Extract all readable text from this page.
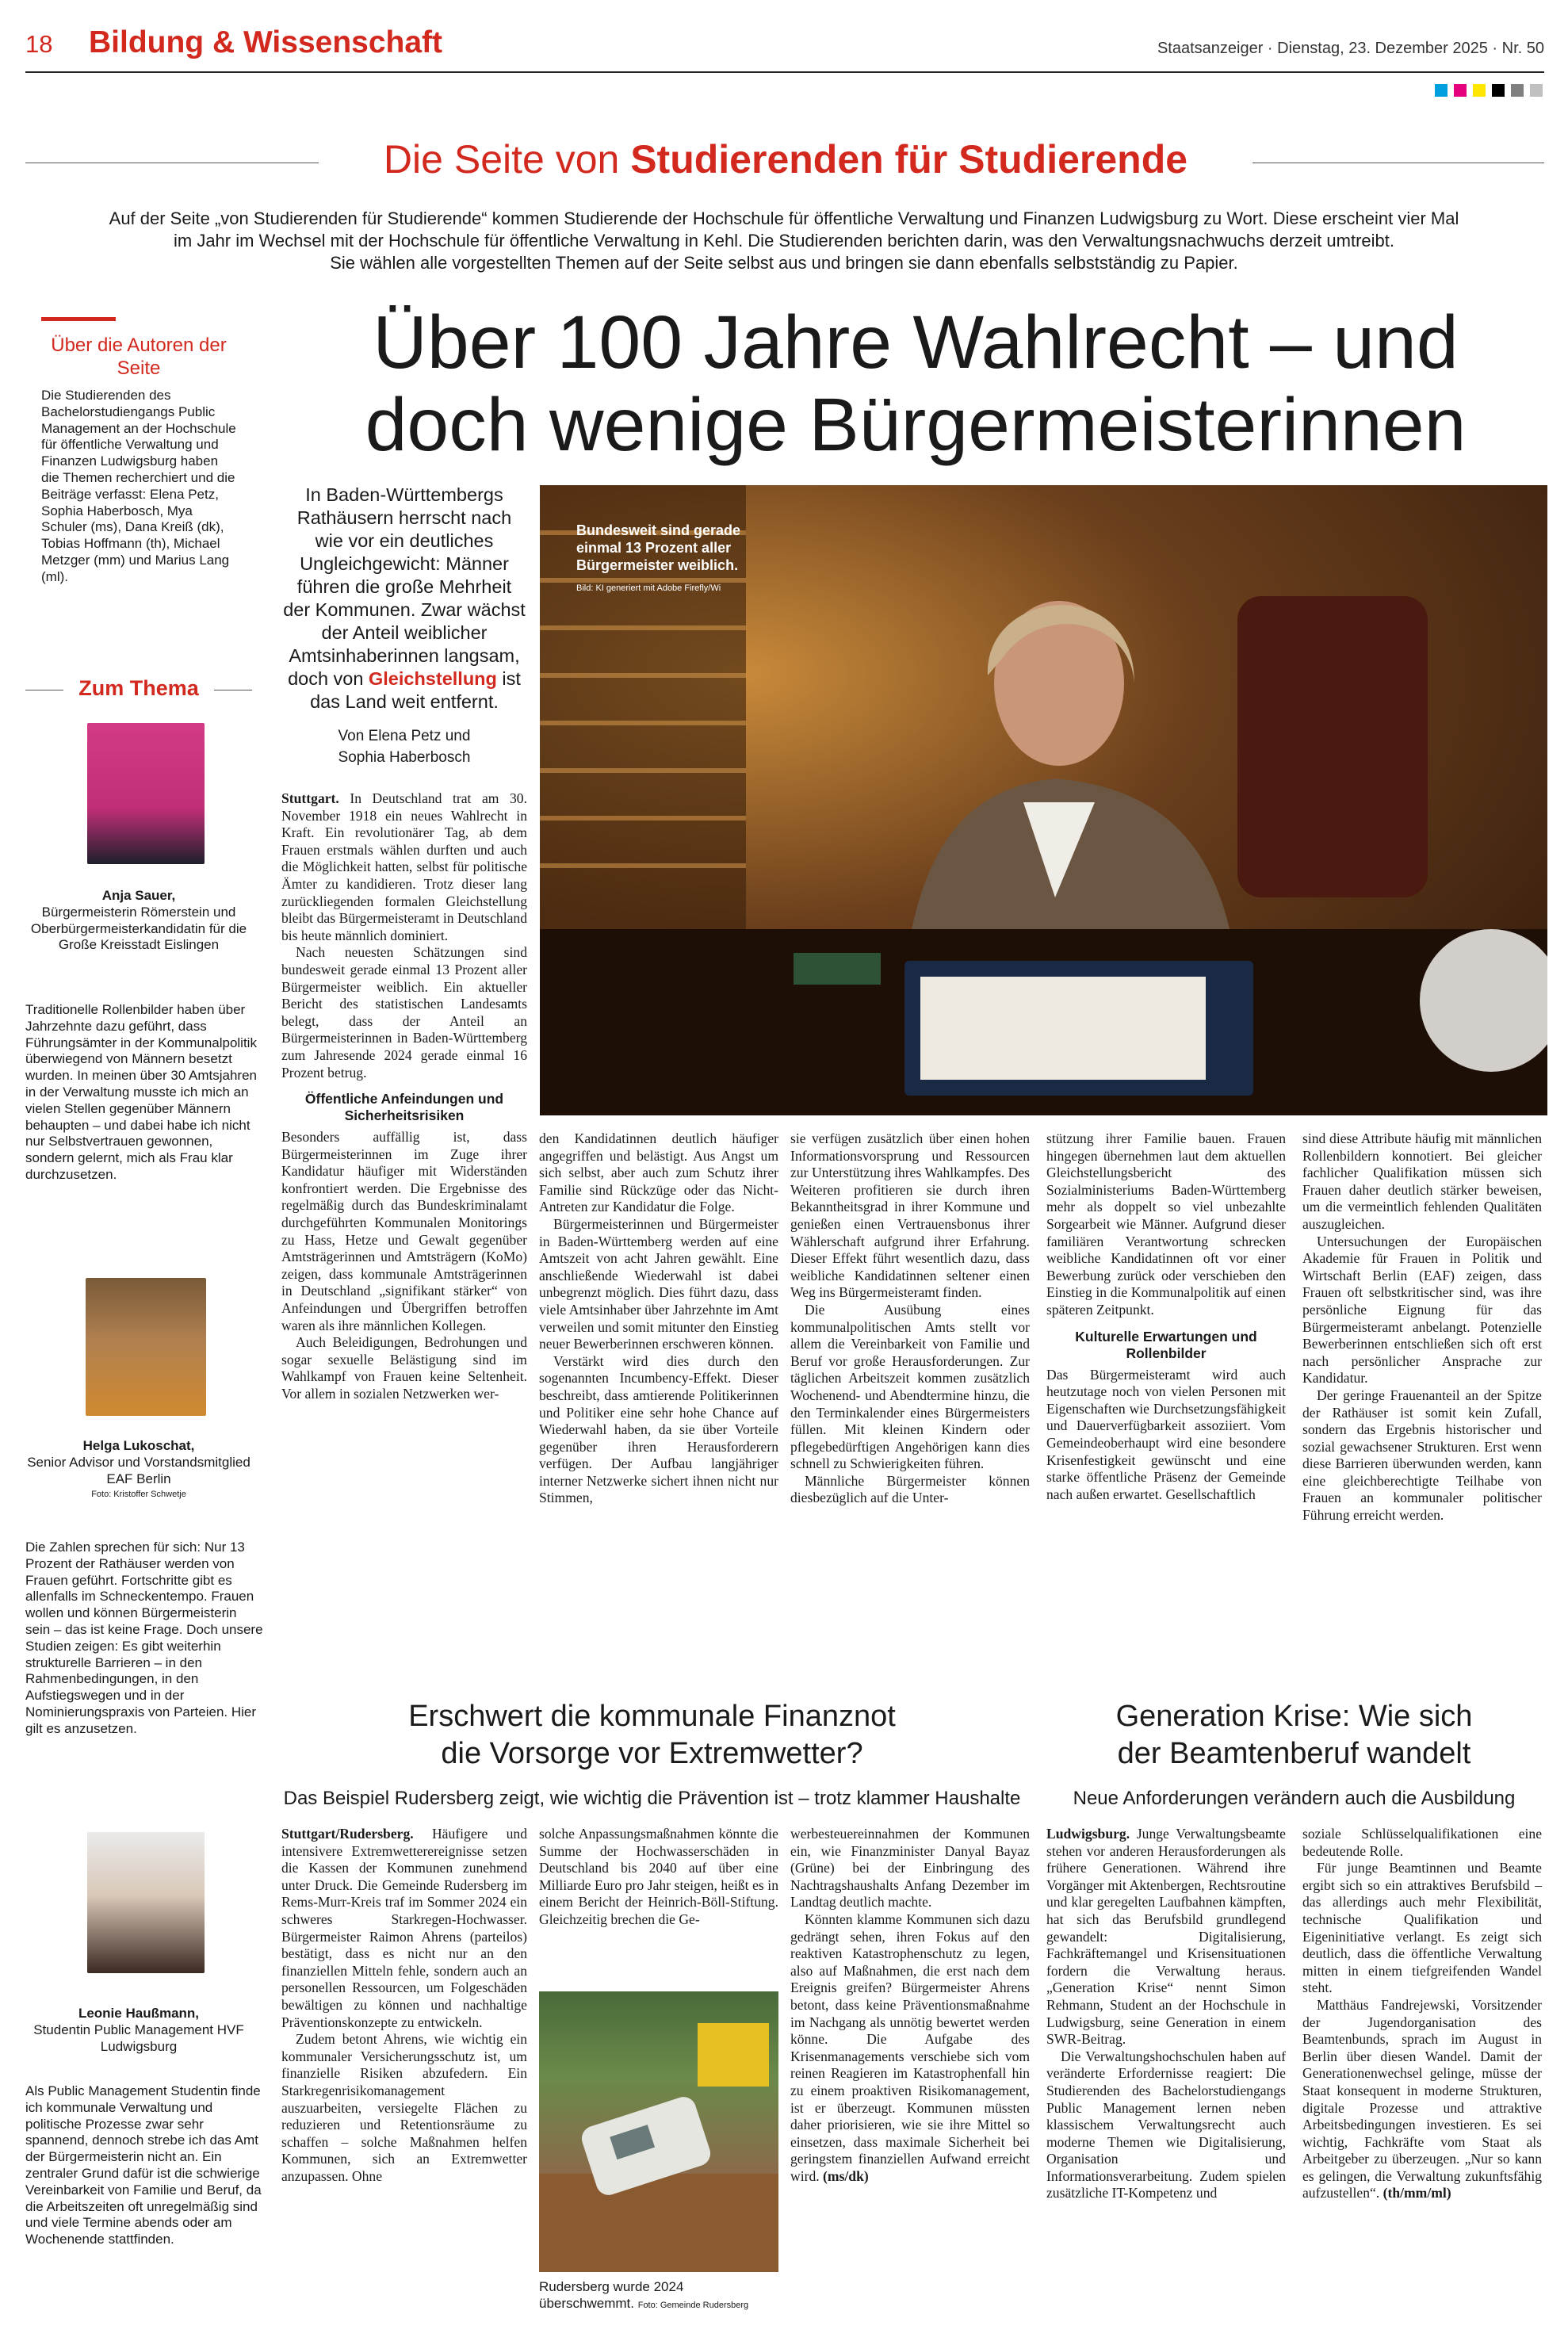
18 Bildung & Wissenschaft	Staatsanzeiger · Dienstag, 23. Dezember 2025 · Nr. 50
Die Seite von Studierenden für Studierende
Auf der Seite „von Studierenden für Studierende“ kommen Studierende der Hochschule für öffentliche Verwaltung und Finanzen Ludwigsburg zu Wort. Diese erscheint vier Mal
im Jahr im Wechsel mit der Hochschule für öffentliche Verwaltung in Kehl. Die Studierenden berichten darin, was den Verwaltungsnachwuchs derzeit umtreibt.
Sie wählen alle vorgestellten Themen auf der Seite selbst aus und bringen sie dann ebenfalls selbstständig zu Papier.
Über die Autoren der Seite
Die Studierenden des Bachelorstudiengangs Public Management an der Hochschule für öffentliche Verwaltung und Finanzen Ludwigsburg haben die Themen recherchiert und die Beiträge verfasst: Elena Petz, Sophia Haberbosch, Mya Schuler (ms), Dana Kreiß (dk), Tobias Hoffmann (th), Michael Metzger (mm) und Marius Lang (ml).
Zum Thema
Anja Sauer,
Bürgermeisterin Römerstein und Oberbürgermeisterkandidatin für die Große Kreisstadt Eislingen
Traditionelle Rollenbilder haben über Jahrzehnte dazu geführt, dass Führungsämter in der Kommunalpolitik überwiegend von Männern besetzt wurden. In meinen über 30 Amtsjahren in der Verwaltung musste ich mich an vielen Stellen gegenüber Männern behaupten – und dabei habe ich nicht nur Selbstvertrauen gewonnen, sondern gelernt, mich als Frau klar durchzusetzen.
Helga Lukoschat,
Senior Advisor und Vorstandsmitglied EAF Berlin
Foto: Kristoffer Schwetje
Die Zahlen sprechen für sich: Nur 13 Prozent der Rathäuser werden von Frauen geführt. Fortschritte gibt es allenfalls im Schneckentempo. Frauen wollen und können Bürgermeisterin sein – das ist keine Frage. Doch unsere Studien zeigen: Es gibt weiterhin strukturelle Barrieren – in den Rahmenbedingungen, in den Aufstiegswegen und in der Nominierungspraxis von Parteien. Hier gilt es anzusetzen.
Leonie Haußmann,
Studentin Public Management HVF Ludwigsburg
Als Public Management Studentin finde ich kommunale Verwaltung und politische Prozesse zwar sehr spannend, dennoch strebe ich das Amt der Bürgermeisterin nicht an. Ein zentraler Grund dafür ist die schwierige Vereinbarkeit von Familie und Beruf, da die Arbeitszeiten oft unregelmäßig sind und viele Termine abends oder am Wochenende stattfinden.
Über 100 Jahre Wahlrecht – und
doch wenige Bürgermeisterinnen
In Baden-Württembergs Rathäusern herrscht nach wie vor ein deutliches Ungleichgewicht: Männer führen die große Mehrheit der Kommunen. Zwar wächst der Anteil weiblicher Amtsinhaberinnen langsam, doch von Gleichstellung ist das Land weit entfernt.
Von Elena Petz und Sophia Haberbosch
Bundesweit sind gerade einmal 13 Prozent aller Bürgermeister weiblich.
Bild: KI generiert mit Adobe Firefly/Wi

Stuttgart. In Deutschland trat am 30. November 1918 ein neues Wahlrecht in Kraft. Ein revolutionärer Tag, ab dem Frauen erstmals wählen durften und auch die Möglichkeit hatten, selbst für politische Ämter zu kandidieren. Trotz dieser lang zurückliegenden formalen Gleichstellung bleibt das Bürgermeisteramt in Deutschland bis heute männlich dominiert.

Nach neuesten Schätzungen sind bundesweit gerade einmal 13 Prozent aller Bürgermeister weiblich. Ein aktueller Bericht des statistischen Landesamts belegt, dass der Anteil an Bürgermeisterinnen in Baden-Württemberg zum Jahresende 2024 gerade einmal 16 Prozent betrug.

Öffentliche Anfeindungen und Sicherheitsrisiken

Besonders auffällig ist, dass Bürgermeisterinnen im Zuge ihrer Kandidatur häufiger mit Widerständen konfrontiert werden. Die Ergebnisse des regelmäßig durch das Bundeskriminalamt durchgeführten Kommunalen Monitorings zu Hass, Hetze und Gewalt gegenüber Amtsträgerinnen und Amtsträgern (KoMo) zeigen, dass kommunale Amtsträgerinnen in Deutschland „signifikant stärker“ von Anfeindungen und Übergriffen betroffen waren als ihre männlichen Kollegen.

Auch Beleidigungen, Bedrohungen und sogar sexuelle Belästigung sind im Wahlkampf von Frauen keine Seltenheit. Vor allem in sozialen Netzwerken wer-

den Kandidatinnen deutlich häufiger angegriffen und belästigt. Aus Angst um sich selbst, aber auch zum Schutz ihrer Familie sind Rückzüge oder das Nicht-Antreten zur Kandidatur die Folge.

Bürgermeisterinnen und Bürgermeister in Baden-Württemberg werden auf eine Amtszeit von acht Jahren gewählt. Eine anschließende Wiederwahl ist dabei unbegrenzt möglich. Dies führt dazu, dass viele Amtsinhaber über Jahrzehnte im Amt verweilen und somit mitunter den Einstieg neuer Bewerberinnen erschweren können.

Verstärkt wird dies durch den sogenannten Incumbency-Effekt. Dieser beschreibt, dass amtierende Politikerinnen und Politiker eine sehr hohe Chance auf Wiederwahl haben, da sie über Vorteile gegenüber ihren Herausforderern verfügen. Der Aufbau langjähriger interner Netzwerke sichert ihnen nicht nur Stimmen,

sie verfügen zusätzlich über einen hohen Informationsvorsprung und Ressourcen zur Unterstützung ihres Wahlkampfes. Des Weiteren profitieren sie durch ihren Bekanntheitsgrad in ihrer Kommune und genießen einen Vertrauensbonus ihrer Wählerschaft aufgrund ihrer Erfahrung. Dieser Effekt führt wesentlich dazu, dass weibliche Kandidatinnen seltener einen Weg ins Bürgermeisteramt finden.

Die Ausübung eines kommunalpolitischen Amts stellt vor allem die Vereinbarkeit von Familie und Beruf vor große Herausforderungen. Zur täglichen Arbeitszeit kommen zusätzlich Wochenend- und Abendtermine hinzu, die den Terminkalender eines Bürgermeisters füllen. Mit kleinen Kindern oder pflegebedürftigen Angehörigen kann dies schnell zu Schwierigkeiten führen.

Männliche Bürgermeister können diesbezüglich auf die Unter-

stützung ihrer Familie bauen. Frauen hingegen übernehmen laut dem aktuellen Gleichstellungsbericht des Sozialministeriums Baden-Württemberg mehr als doppelt so viel unbezahlte Sorgearbeit wie Männer. Aufgrund dieser familiären Verantwortung schrecken weibliche Kandidatinnen oft vor einer Bewerbung zurück oder verschieben den Einstieg in die Kommunalpolitik auf einen späteren Zeitpunkt.

Kulturelle Erwartungen und Rollenbilder

Das Bürgermeisteramt wird auch heutzutage noch von vielen Personen mit Eigenschaften wie Durchsetzungsfähigkeit und Dauerverfügbarkeit assoziiert. Vom Gemeindeoberhaupt wird eine besondere Krisenfestigkeit gewünscht und eine starke öffentliche Präsenz der Gemeinde nach außen erwartet. Gesellschaftlich

sind diese Attribute häufig mit männlichen Rollenbildern konnotiert. Bei gleicher fachlicher Qualifikation müssen sich Frauen daher deutlich stärker beweisen, um die vermeintlich fehlenden Qualitäten auszugleichen.

Untersuchungen der Europäischen Akademie für Frauen in Politik und Wirtschaft Berlin (EAF) zeigen, dass Frauen oft selbstkritischer sind, was ihre persönliche Eignung für das Bürgermeisteramt anbelangt. Potenzielle Bewerberinnen entschließen sich oft erst nach persönlicher Ansprache zur Kandidatur.

Der geringe Frauenanteil an der Spitze der Rathäuser ist somit kein Zufall, sondern das Ergebnis historischer und sozial gewachsener Strukturen. Erst wenn diese Barrieren überwunden werden, kann eine gleichberechtigte Teilhabe von Frauen an kommunaler politischer Führung erreicht werden.

Erschwert die kommunale Finanznot
die Vorsorge vor Extremwetter?
Das Beispiel Rudersberg zeigt, wie wichtig die Prävention ist – trotz klammer Haushalte

Stuttgart/Rudersberg. Häufigere und intensivere Extremwetterereignisse setzen die Kassen der Kommunen zunehmend unter Druck. Die Gemeinde Rudersberg im Rems-Murr-Kreis traf im Sommer 2024 ein schweres Starkregen-Hochwasser. Bürgermeister Raimon Ahrens (parteilos) bestätigt, dass es nicht nur an den finanziellen Mitteln fehle, sondern auch an personellen Ressourcen, um Folgeschäden bewältigen zu können und nachhaltige Präventionskonzepte zu entwickeln.

Zudem betont Ahrens, wie wichtig ein kommunaler Versicherungsschutz ist, um finanzielle Risiken abzufedern. Ein Starkregenrisikomanagement auszuarbeiten, versiegelte Flächen zu reduzieren und Retentionsräume zu schaffen – solche Maßnahmen helfen Kommunen, sich an Extremwetter anzupassen. Ohne

solche Anpassungsmaßnahmen könnte die Summe der Hochwasserschäden in Deutschland bis 2040 auf über eine Milliarde Euro pro Jahr steigen, heißt es in einem Bericht der Heinrich-Böll-Stiftung. Gleichzeitig brechen die Ge-

Rudersberg wurde 2024 überschwemmt. Foto: Gemeinde Rudersberg

werbesteuereinnahmen der Kommunen ein, wie Finanzminister Danyal Bayaz (Grüne) bei der Einbringung des Nachtragshaushalts Anfang Dezember im Landtag deutlich machte.

Könnten klamme Kommunen sich dazu gedrängt sehen, ihren Fokus auf den reaktiven Katastrophenschutz zu legen, also auf Maßnahmen, die erst nach dem Ereignis greifen? Bürgermeister Ahrens betont, dass keine Präventionsmaßnahme im Nachgang als unnötig bewertet werden könne. Die Aufgabe des Krisenmanagements verschiebe sich vom reinen Reagieren im Katastrophenfall hin zu einem proaktiven Risikomanagement, ist er überzeugt. Kommunen müssten daher priorisieren, wie sie ihre Mittel so einsetzen, dass maximale Sicherheit bei geringstem finanziellen Aufwand erreicht wird. (ms/dk)

Generation Krise: Wie sich
der Beamtenberuf wandelt
Neue Anforderungen verändern auch die Ausbildung

Ludwigsburg. Junge Verwaltungsbeamte stehen vor anderen Herausforderungen als frühere Generationen. Während ihre Vorgänger mit Aktenbergen, Rechtsroutine und klar geregelten Laufbahnen kämpften, hat sich das Berufsbild grundlegend gewandelt: Digitalisierung, Fachkräftemangel und Krisensituationen fordern die Verwaltung heraus. „Generation Krise“ nennt Simon Rehmann, Student an der Hochschule in Ludwigsburg, seine Generation in einem SWR-Beitrag.

Die Verwaltungshochschulen haben auf veränderte Erfordernisse reagiert: Die Studierenden des Bachelorstudiengangs Public Management lernen neben klassischem Verwaltungsrecht auch moderne Themen wie Digitalisierung, Organisation und Informationsverarbeitung. Zudem spielen zusätzliche IT-Kompetenz und

soziale Schlüsselqualifikationen eine bedeutende Rolle.

Für junge Beamtinnen und Beamte ergibt sich so ein attraktives Berufsbild – das allerdings auch mehr Flexibilität, technische Qualifikation und Eigeninitiative verlangt. Es zeigt sich deutlich, dass die öffentliche Verwaltung mitten in einem tiefgreifenden Wandel steht.

Matthäus Fandrejewski, Vorsitzender der Jugendorganisation des Beamtenbunds, sprach im August in Berlin über diesen Wandel. Damit der Generationenwechsel gelinge, müsse der Staat konsequent in moderne Strukturen, digitale Prozesse und attraktive Arbeitsbedingungen investieren. Es sei wichtig, Fachkräfte vom Staat als Arbeitgeber zu überzeugen. „Nur so kann es gelingen, die Verwaltung zukunftsfähig aufzustellen“. (th/mm/ml)
